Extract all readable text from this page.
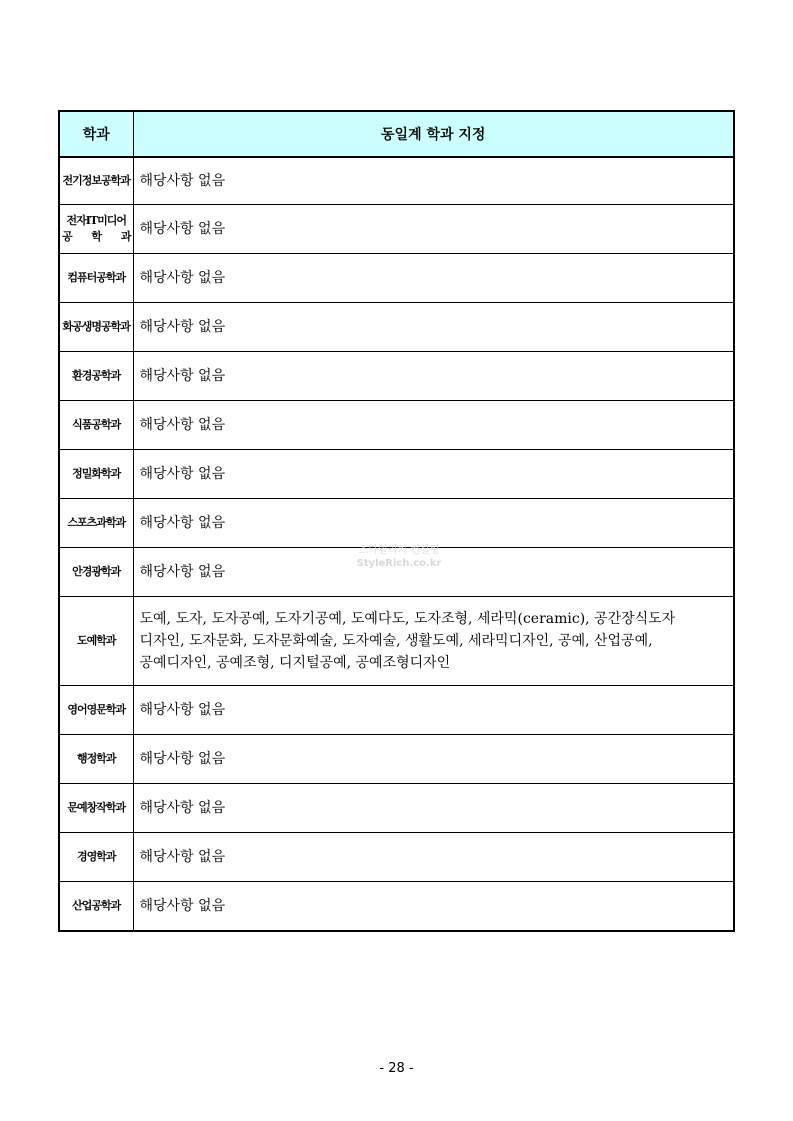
학과	동일계 학과 지정
전기정보공학과	해당사항 없음

전자IT미디어
공 학 과	해당사항 없음
컴퓨터공학과	해당사항 없음
화공생명공학과	해당사항 없음
환경공학과	해당사항 없음
식품공학과	해당사항 없음
정밀화학과	해당사항 없음
스포츠과학과	해당사항 없음
안경광학과	해당사항 없음
도예학과	도예, 도자, 도자공예, 도자기공예, 도예다도, 도자조형, 세라믹(ceramic), 공간장식도자
디자인, 도자문화, 도자문화예술, 도자예술, 생활도예, 세라믹디자인, 공예, 산업공예,
공예디자인, 공예조형, 디지털공예, 공예조형디자인

영어영문학과	해당사항 없음
행정학과	해당사항 없음
문예창작학과	해당사항 없음
경영학과	해당사항 없음
산업공학과	해당사항 없음
스타일리치 컨설팅
StyleRich.co.kr
- 28 -
